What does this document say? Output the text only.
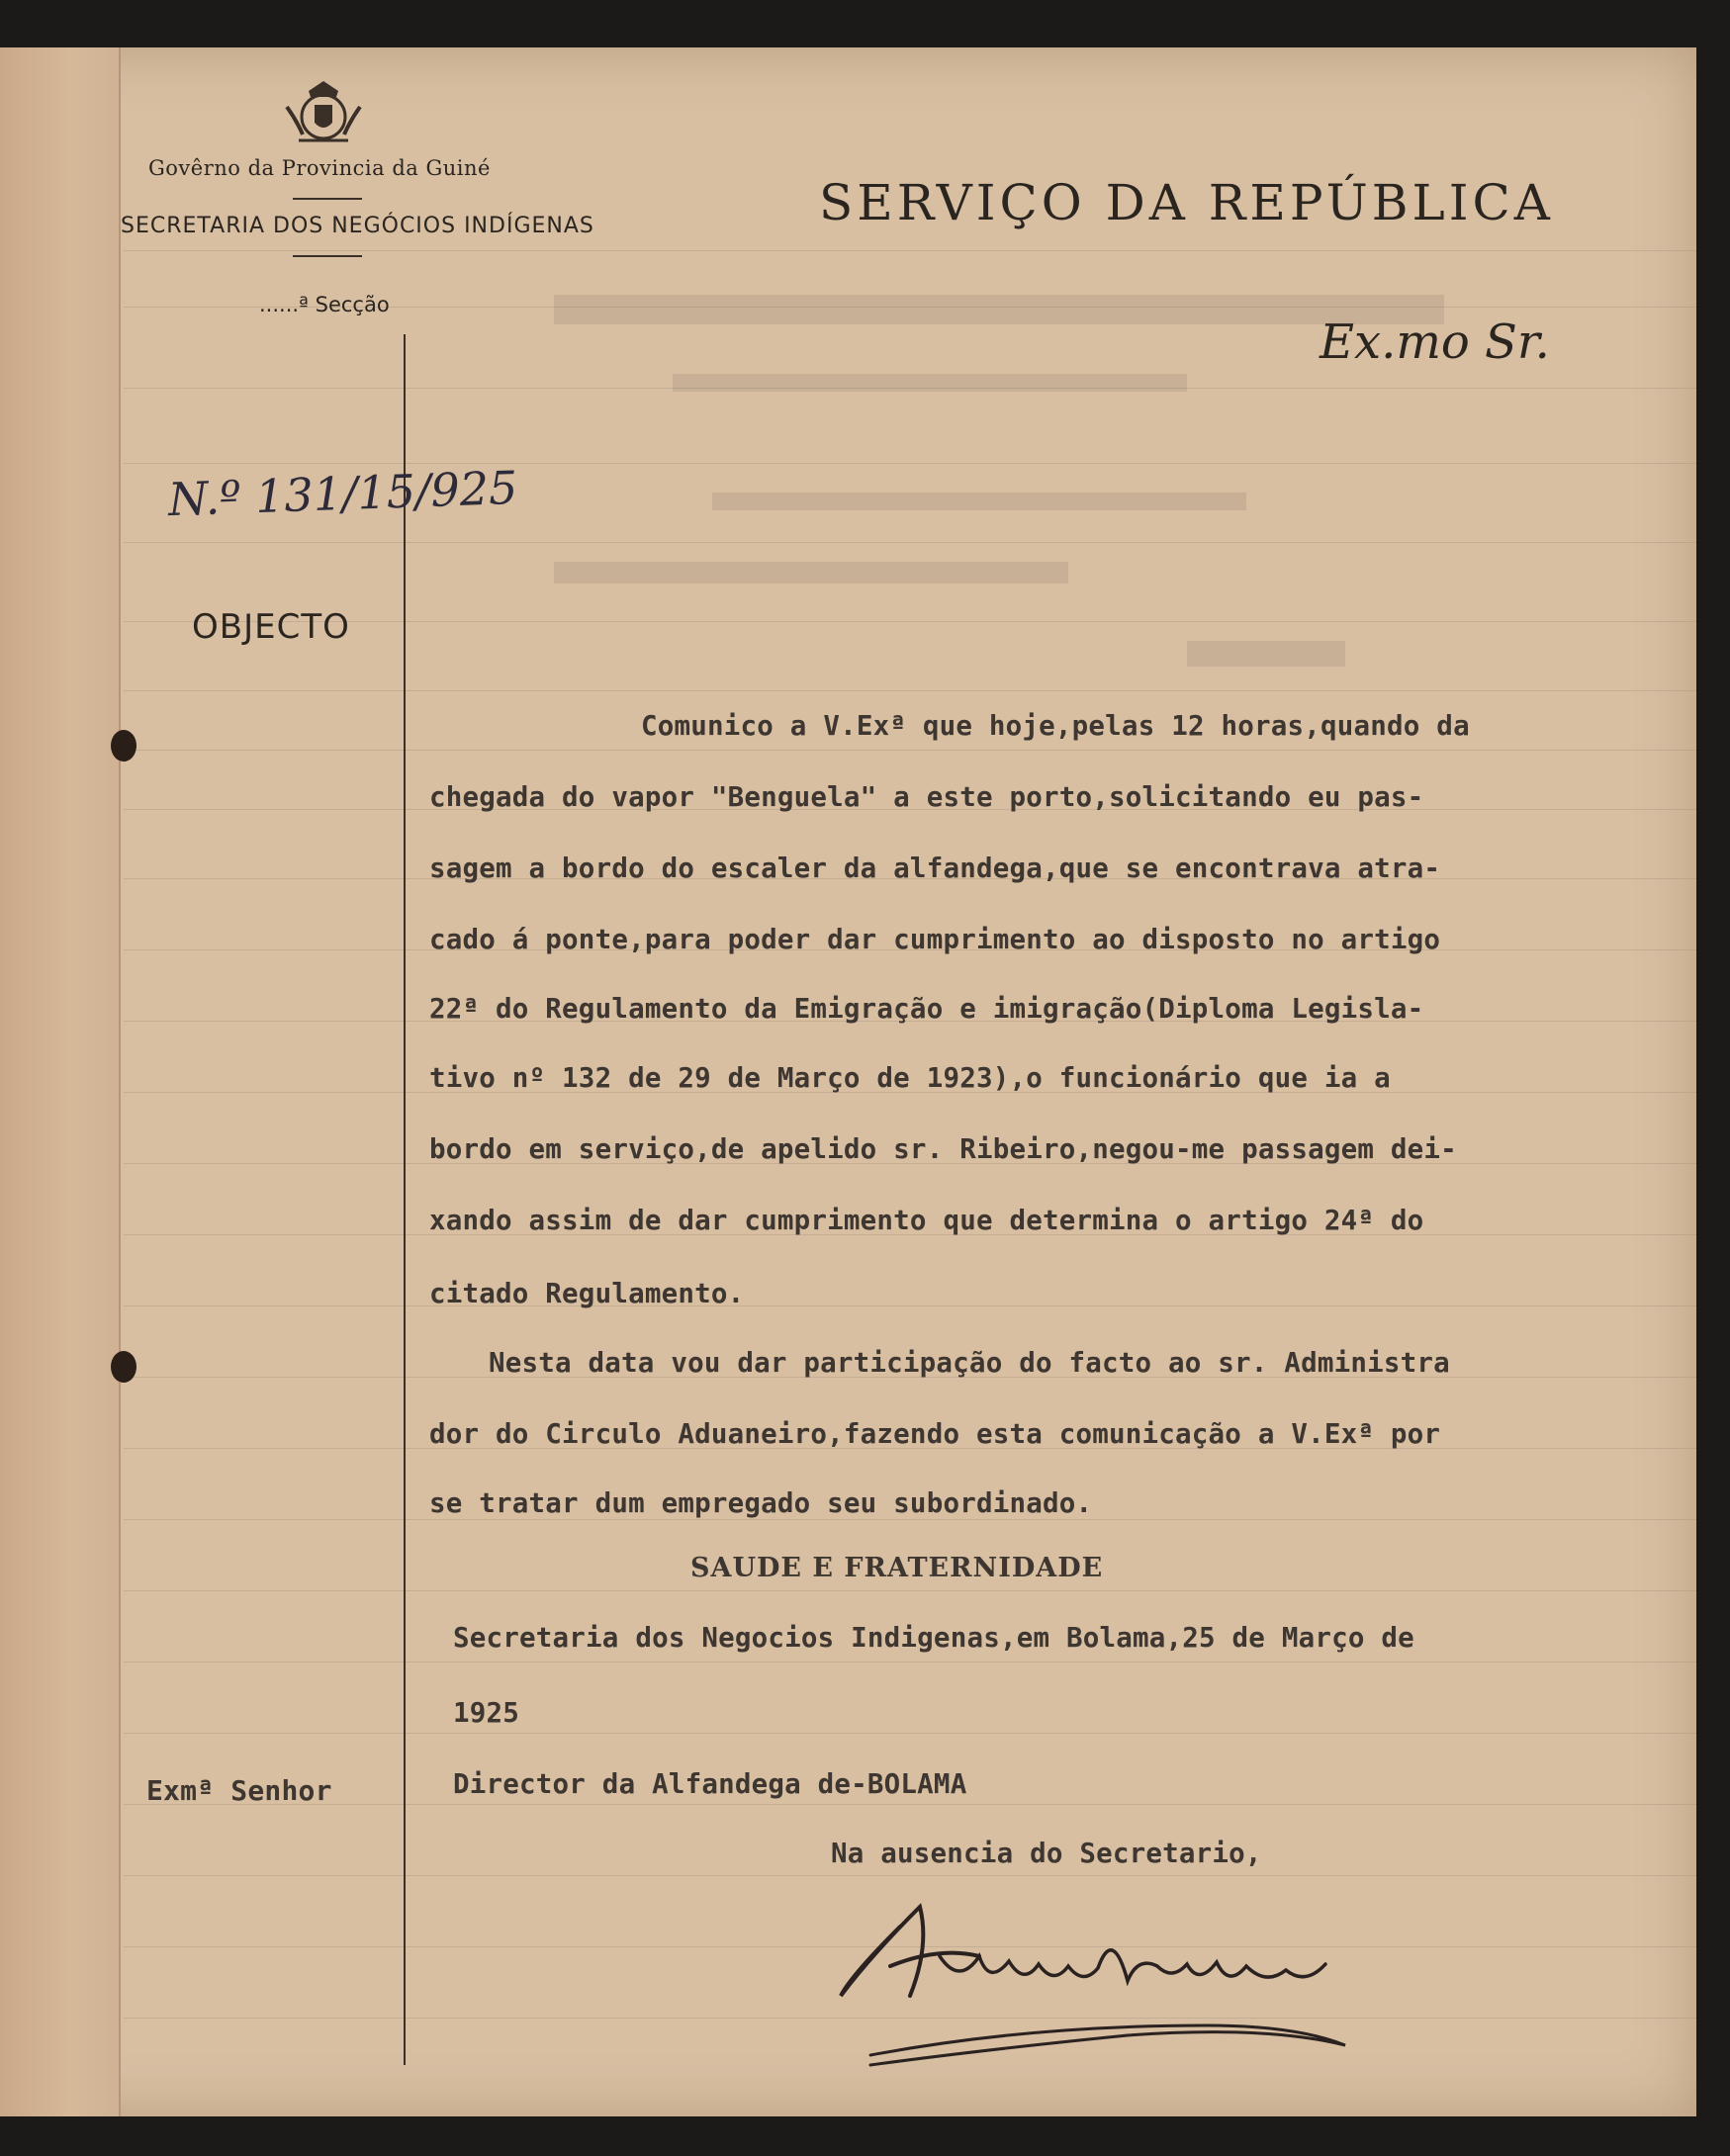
Govêrno da Provincia da Guiné
SECRETARIA DOS NEGÓCIOS INDÍGENAS
......ª Secção
SERVIÇO DA REPÚBLICA
Ex.mo Sr.
N.º 131/15/925
OBJECTO
Comunico a V.Exª que hoje,pelas 12 horas,quando da
chegada do vapor "Benguela" a este porto,solicitando eu pas-
sagem a bordo do escaler da alfandega,que se encontrava atra-
cado á ponte,para poder dar cumprimento ao disposto no artigo
22ª do Regulamento da Emigração e imigração(Diploma Legisla-
tivo nº 132 de 29 de Março de 1923),o funcionário que ia a
bordo em serviço,de apelido sr. Ribeiro,negou-me passagem dei-
xando assim de dar cumprimento que determina o artigo 24ª do
citado Regulamento.
Nesta data vou dar participação do facto ao sr. Administra
dor do Circulo Aduaneiro,fazendo esta comunicação a V.Exª por
se tratar dum empregado seu subordinado.
SAUDE E FRATERNIDADE
Secretaria dos Negocios Indigenas,em Bolama,25 de Março de
1925
Director da Alfandega de-BOLAMA
Exmª Senhor
Na ausencia do Secretario,
